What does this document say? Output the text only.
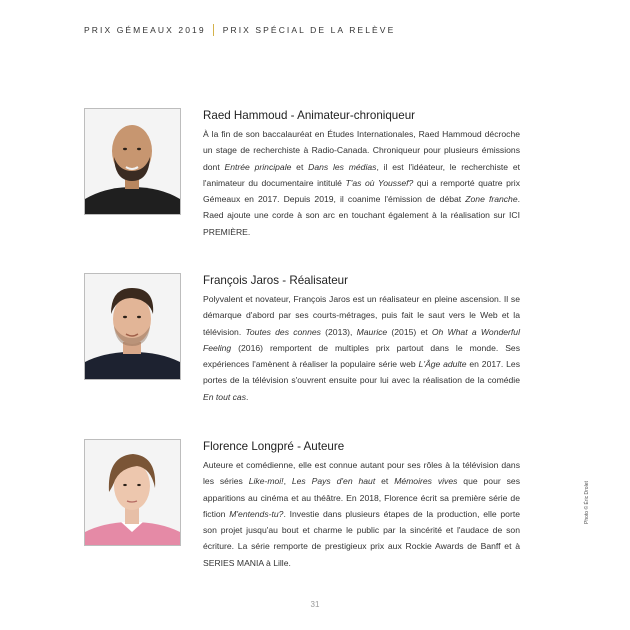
PRIX GÉMEAUX 2019 PRIX SPÉCIAL DE LA RELÈVE

Raed Hammoud - Animateur-chroniqueur

À la fin de son baccalauréat en Études Internationales, Raed Hammoud décroche un stage de recherchiste à Radio-Canada. Chroniqueur pour plusieurs émissions dont Entrée principale et Dans les médias, il est l'idéateur, le recherchiste et l'animateur du documentaire intitulé T'as où Youssef? qui a remporté quatre prix Gémeaux en 2017. Depuis 2019, il coanime l'émission de débat Zone franche. Raed ajoute une corde à son arc en touchant également à la réalisation sur ICI PREMIÈRE.

François Jaros - Réalisateur

Polyvalent et novateur, François Jaros est un réalisateur en pleine ascension. Il se démarque d'abord par ses courts-métrages, puis fait le saut vers le Web et la télévision. Toutes des connes (2013), Maurice (2015) et Oh What a Wonderful Feeling (2016) remportent de multiples prix partout dans le monde. Ses expériences l'amènent à réaliser la populaire série web L'Âge adulte en 2017. Les portes de la télévision s'ouvrent ensuite pour lui avec la réalisation de la comédie En tout cas.

Florence Longpré - Auteure

Auteure et comédienne, elle est connue autant pour ses rôles à la télévision dans les séries Like-moi!, Les Pays d'en haut et Mémoires vives que pour ses apparitions au cinéma et au théâtre. En 2018, Florence écrit sa première série de fiction M'entends-tu?. Investie dans plusieurs étapes de la production, elle porte son projet jusqu'au bout et charme le public par la sincérité et l'audace de son écriture. La série remporte de prestigieux prix aux Rockie Awards de Banff et à SERIES MANIA à Lille.

31
Photo © Éric Drolet
